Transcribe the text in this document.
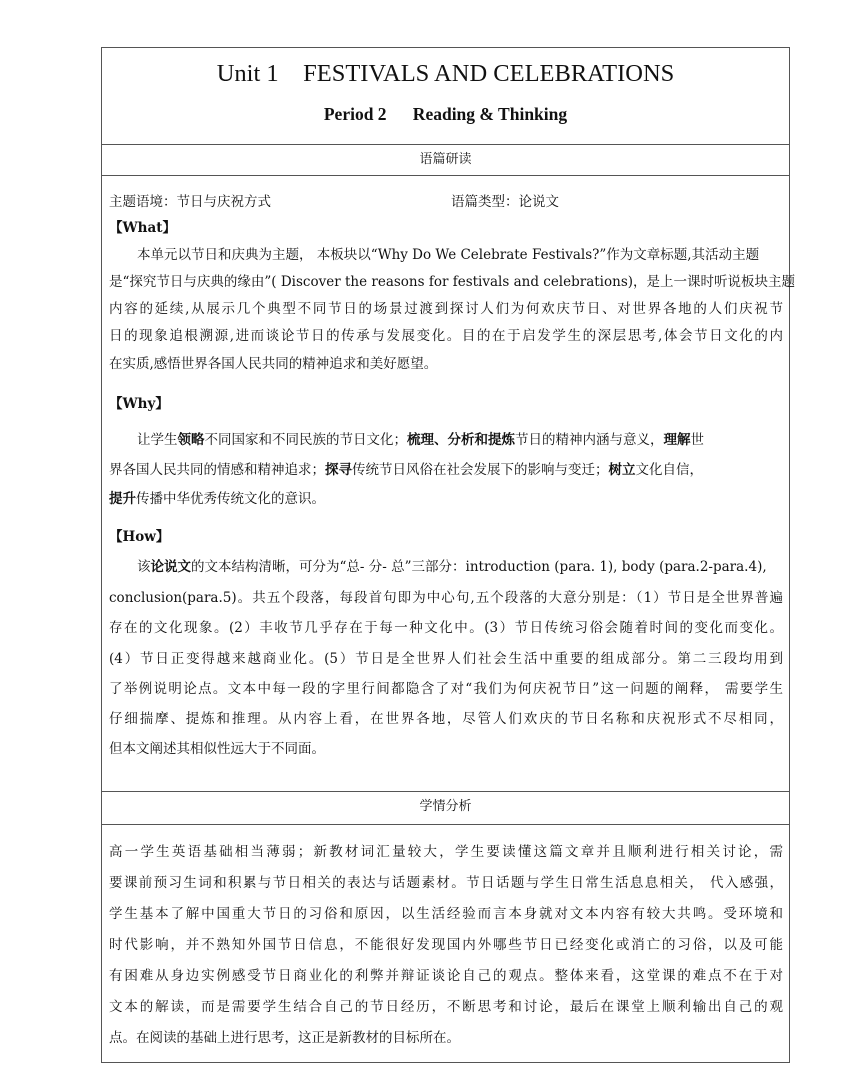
Unit 1    FESTIVALS AND CELEBRATIONS
Period 2      Reading & Thinking
语篇研读
主题语境：节日与庆祝方式	语篇类型：论说文
【What】
本单元以节日和庆典为主题， 本板块以“Why Do We Celebrate Festivals?”作为文章标题,其活动主题
是“探究节日与庆典的缘由”( Discover the reasons for festivals and celebrations)，是上一课时听说板块主题
内容的延续,从展示几个典型不同节日的场景过渡到探讨人们为何欢庆节日、对世界各地的人们庆祝节
日的现象追根溯源,进而谈论节日的传承与发展变化。目的在于启发学生的深层思考,体会节日文化的内
在实质,感悟世界各国人民共同的精神追求和美好愿望。
【Why】
让学生领略不同国家和不同民族的节日文化；梳理、分析和提炼节日的精神内涵与意义，理解世
界各国人民共同的情感和精神追求；探寻传统节日风俗在社会发展下的影响与变迁；树立文化自信，
提升传播中华优秀传统文化的意识。
【How】
该论说文的文本结构清晰，可分为“总- 分- 总”三部分：introduction (para. 1), body (para.2-para.4),
conclusion(para.5)。共五个段落，每段首句即为中心句,五个段落的大意分别是：（1）节日是全世界普遍
存在的文化现象。(2）丰收节几乎存在于每一种文化中。(3）节日传统习俗会随着时间的变化而变化。
(4）节日正变得越来越商业化。(5）节日是全世界人们社会生活中重要的组成部分。第二三段均用到
了举例说明论点。文本中每一段的字里行间都隐含了对“我们为何庆祝节日”这一问题的阐释， 需要学生
仔细揣摩、提炼和推理。从内容上看，在世界各地，尽管人们欢庆的节日名称和庆祝形式不尽相同，
但本文阐述其相似性远大于不同面。
学情分析
高一学生英语基础相当薄弱；新教材词汇量较大，学生要读懂这篇文章并且顺利进行相关讨论，需
要课前预习生词和积累与节日相关的表达与话题素材。节日话题与学生日常生活息息相关， 代入感强，
学生基本了解中国重大节日的习俗和原因，以生活经验而言本身就对文本内容有较大共鸣。受环境和
时代影响，并不熟知外国节日信息，不能很好发现国内外哪些节日已经变化或消亡的习俗，以及可能
有困难从身边实例感受节日商业化的利弊并辩证谈论自己的观点。整体来看，这堂课的难点不在于对
文本的解读，而是需要学生结合自己的节日经历，不断思考和讨论，最后在课堂上顺利输出自己的观
点。在阅读的基础上进行思考，这正是新教材的目标所在。
